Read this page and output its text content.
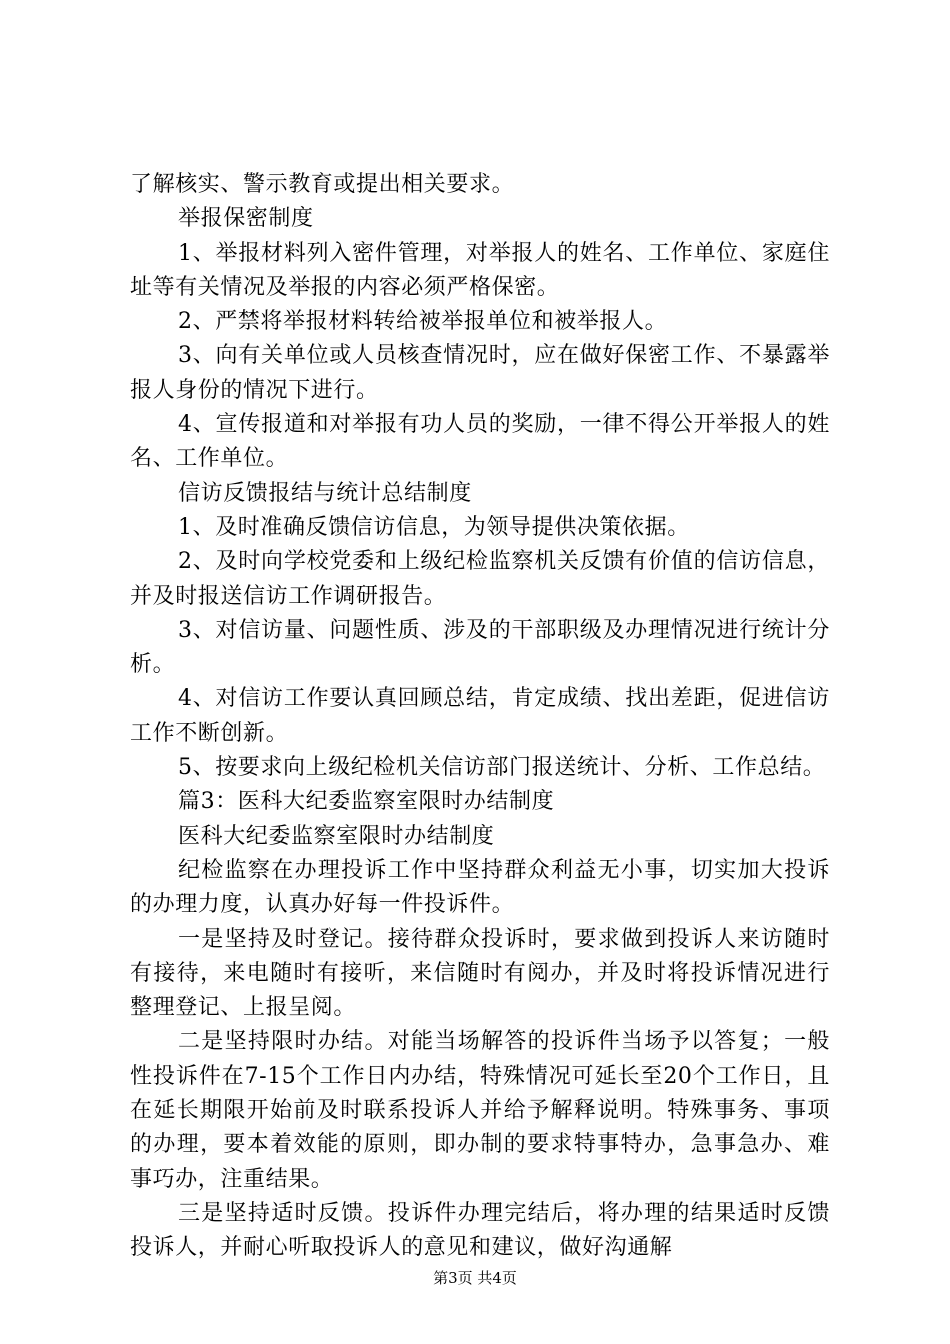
了解核实、警示教育或提出相关要求。

举报保密制度

1、举报材料列入密件管理，对举报人的姓名、工作单位、家庭住址等有关情况及举报的内容必须严格保密。

2、严禁将举报材料转给被举报单位和被举报人。

3、向有关单位或人员核查情况时，应在做好保密工作、不暴露举报人身份的情况下进行。

4、宣传报道和对举报有功人员的奖励，一律不得公开举报人的姓名、工作单位。

信访反馈报结与统计总结制度

1、及时准确反馈信访信息，为领导提供决策依据。

2、及时向学校党委和上级纪检监察机关反馈有价值的信访信息，并及时报送信访工作调研报告。

3、对信访量、问题性质、涉及的干部职级及办理情况进行统计分析。

4、对信访工作要认真回顾总结，肯定成绩、找出差距，促进信访工作不断创新。

5、按要求向上级纪检机关信访部门报送统计、分析、工作总结。

篇3：医科大纪委监察室限时办结制度

医科大纪委监察室限时办结制度

纪检监察在办理投诉工作中坚持群众利益无小事，切实加大投诉的办理力度，认真办好每一件投诉件。

一是坚持及时登记。接待群众投诉时，要求做到投诉人来访随时有接待，来电随时有接听，来信随时有阅办，并及时将投诉情况进行整理登记、上报呈阅。

二是坚持限时办结。对能当场解答的投诉件当场予以答复；一般性投诉件在7-15个工作日内办结，特殊情况可延长至20个工作日，且在延长期限开始前及时联系投诉人并给予解释说明。特殊事务、事项的办理，要本着效能的原则，即办制的要求特事特办，急事急办、难事巧办，注重结果。

三是坚持适时反馈。投诉件办理完结后，将办理的结果适时反馈投诉人，并耐心听取投诉人的意见和建议，做好沟通解

第3页 共4页
